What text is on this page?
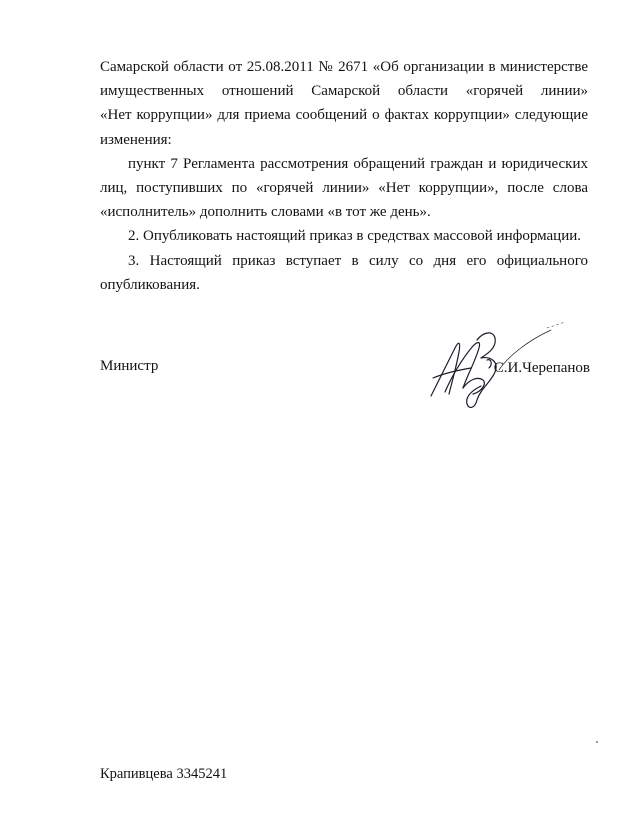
Самарской области от 25.08.2011 № 2671 «Об организации в министерстве
имущественных отношений Самарской области «горячей линии»
«Нет коррупции» для приема сообщений о фактах коррупции» следующие
изменения:

пункт 7 Регламента рассмотрения обращений граждан и юридических лиц, поступивших по «горячей линии» «Нет коррупции», после слова «исполнитель» дополнить словами «в тот же день».

2. Опубликовать настоящий приказ в средствах массовой информации.

3. Настоящий приказ вступает в силу со дня его официального опубликования.

Министр	С.И.Черепанов
Крапивцева 3345241
